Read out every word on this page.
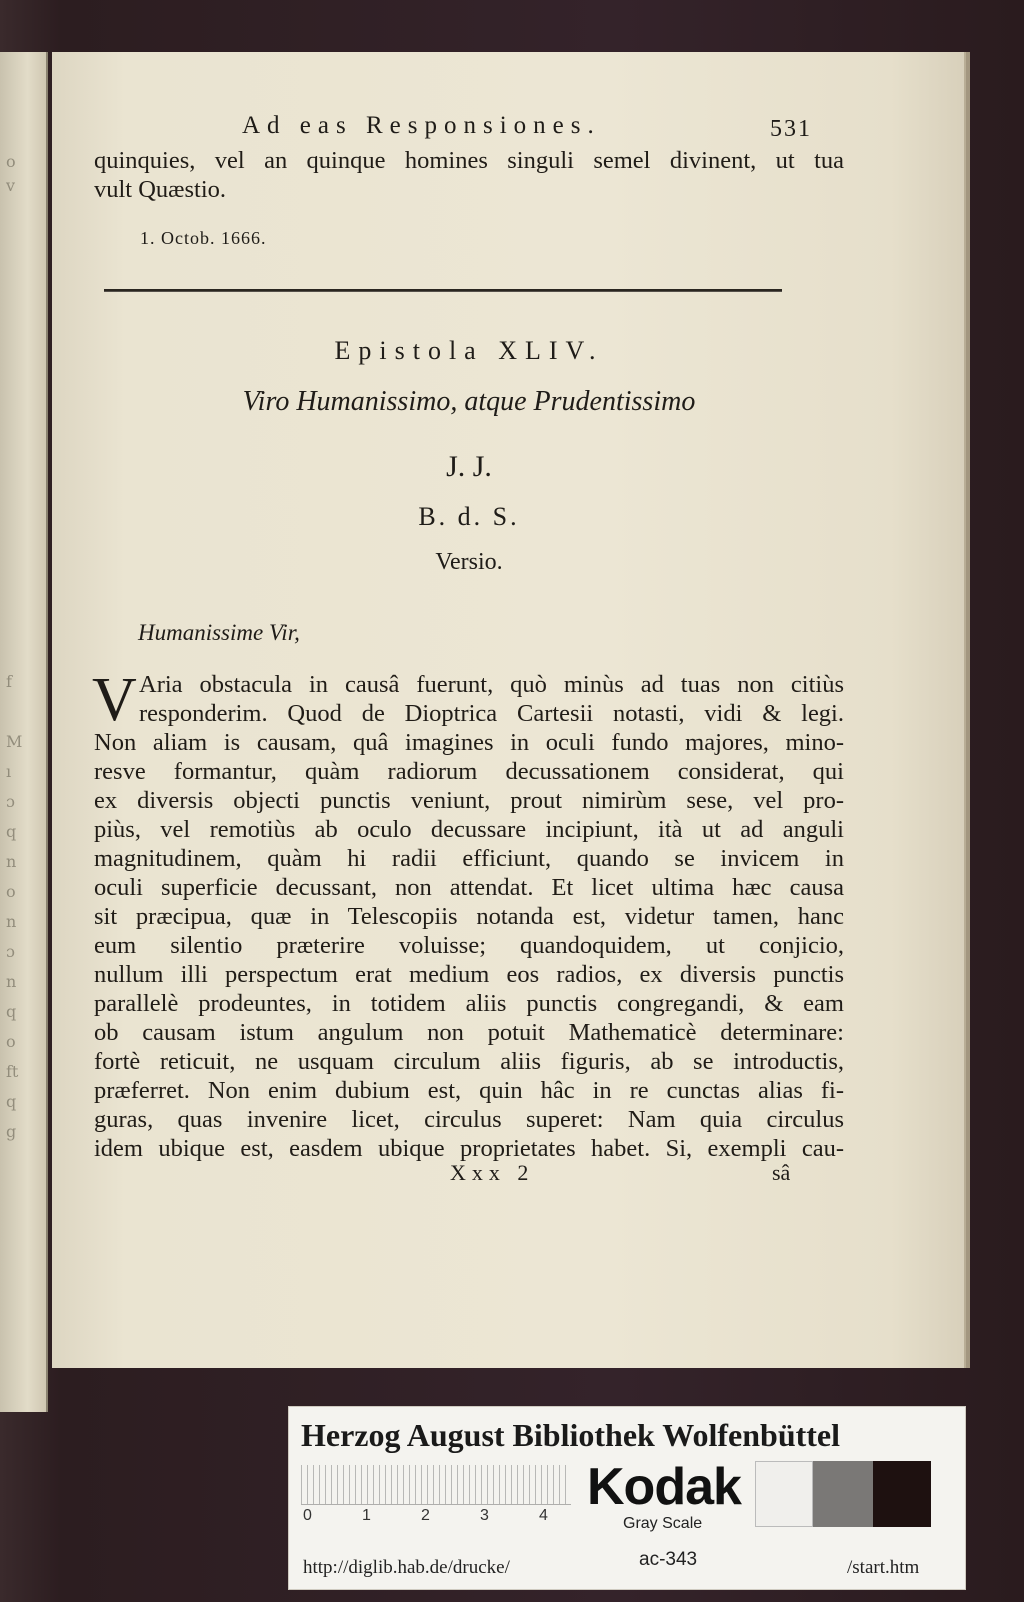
o
v
f
M
ı
ɔ
q
n
o
n
ɔ
n
q
o
ft
q
g
Ad eas Responsiones.	531
quinquies, vel an quinque homines singuli semel divinent, ut tua
vult Quæstio.
1. Octob. 1666.
Epistola XLIV.
Viro Humanissimo, atque Prudentissimo
J. J.
B. d. S.
Versio.
Humanissime Vir,
V Aria obstacula in causâ fuerunt, quò minùs ad tuas non citiùs
responderim. Quod de Dioptrica Cartesii notasti, vidi & legi.
Non aliam is causam, quâ imagines in oculi fundo majores, mino-
resve formantur, quàm radiorum decussationem considerat, qui
ex diversis objecti punctis veniunt, prout nimirùm sese, vel pro-
piùs, vel remotiùs ab oculo decussare incipiunt, ità ut ad anguli
magnitudinem, quàm hi radii efficiunt, quando se invicem in
oculi superficie decussant, non attendat. Et licet ultima hæc causa
sit præcipua, quæ in Telescopiis notanda est, videtur tamen, hanc
eum silentio præterire voluisse; quandoquidem, ut conjicio,
nullum illi perspectum erat medium eos radios, ex diversis punctis
parallelè prodeuntes, in totidem aliis punctis congregandi, & eam
ob causam istum angulum non potuit Mathematicè determinare:
fortè reticuit, ne usquam circulum aliis figuris, ab se introductis,
præferret. Non enim dubium est, quin hâc in re cunctas alias fi-
guras, quas invenire licet, circulus superet: Nam quia circulus
idem ubique est, easdem ubique proprietates habet. Si, exempli cau-
Xxx 2	sâ
Herzog August Bibliothek Wolfenbüttel
0	1	2	3	4 Kodak
Gray Scale
http://diglib.hab.de/drucke/	ac-343	/start.htm
